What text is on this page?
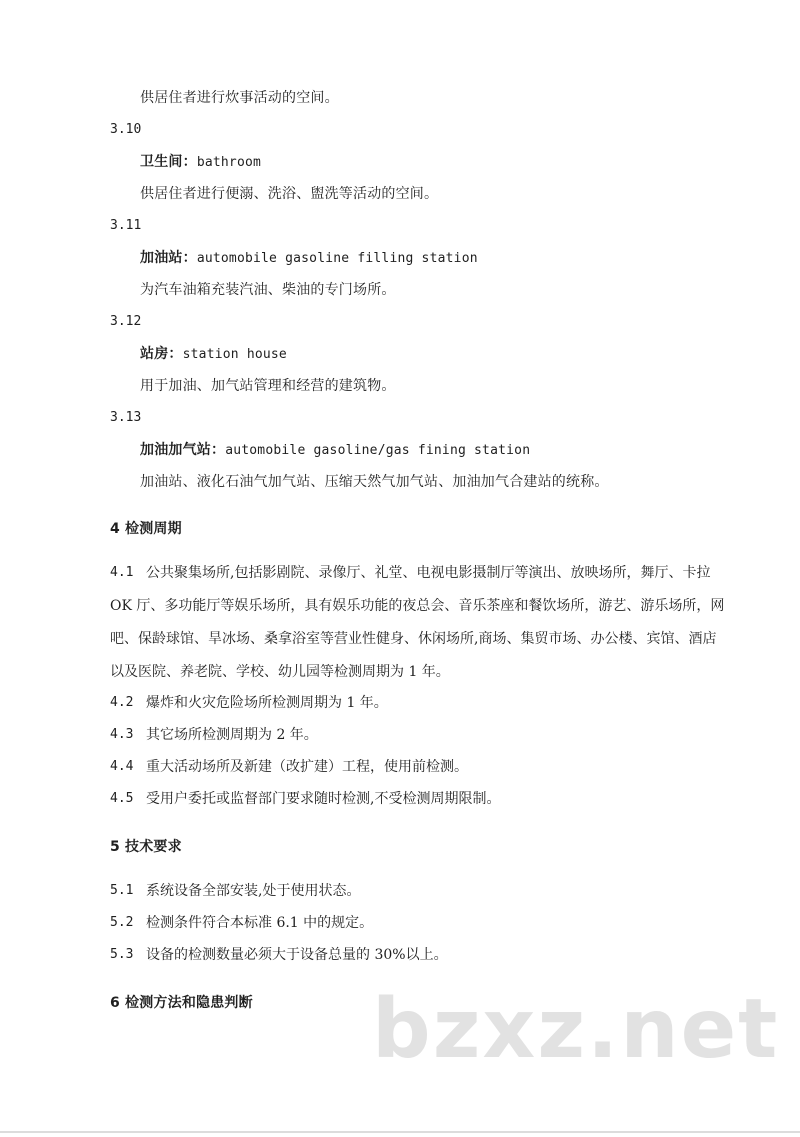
供居住者进行炊事活动的空间。
3.10
卫生间：bathroom
供居住者进行便溺、洗浴、盥洗等活动的空间。
3.11
加油站：automobile gasoline filling station
为汽车油箱充装汽油、柴油的专门场所。
3.12
站房：station house
用于加油、加气站管理和经营的建筑物。
3.13
加油加气站：automobile gasoline/gas fining station
加油站、液化石油气加气站、压缩天然气加气站、加油加气合建站的统称。
4 检测周期
4.1 公共聚集场所,包括影剧院、录像厅、礼堂、电视电影摄制厅等演出、放映场所，舞厅、卡拉
OK 厅、多功能厅等娱乐场所，具有娱乐功能的夜总会、音乐茶座和餐饮场所，游艺、游乐场所，网
吧、保龄球馆、旱冰场、桑拿浴室等营业性健身、休闲场所,商场、集贸市场、办公楼、宾馆、酒店
以及医院、养老院、学校、幼儿园等检测周期为 1 年。
4.2 爆炸和火灾危险场所检测周期为 1 年。
4.3 其它场所检测周期为 2 年。
4.4 重大活动场所及新建（改扩建）工程，使用前检测。
4.5 受用户委托或监督部门要求随时检测,不受检测周期限制。
5 技术要求
5.1 系统设备全部安装,处于使用状态。
5.2 检测条件符合本标准 6.1 中的规定。
5.3 设备的检测数量必须大于设备总量的 30%以上。
6 检测方法和隐患判断 bzxz.net
